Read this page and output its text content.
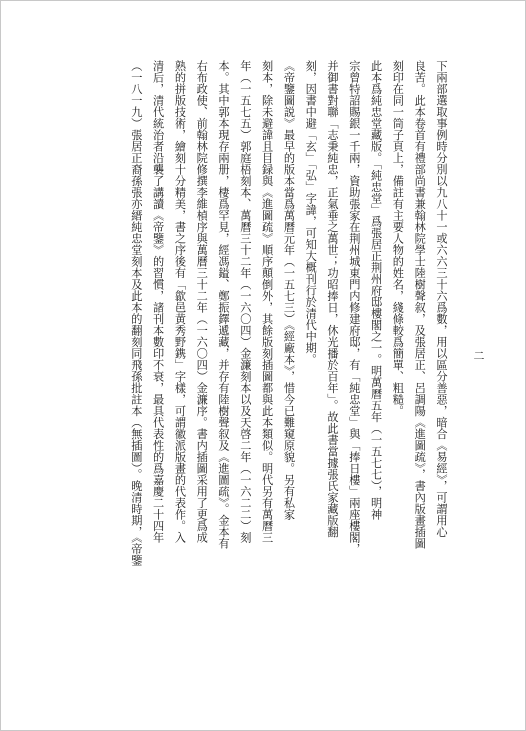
下兩部選取事例時分別以九八十一或六六三十六爲數，用以區分善惡，暗合《易經》，可謂用心

良苦。此本卷首有禮部尚書兼翰林院學士陸樹聲叙，及張居正、呂調陽《進圖疏》，書內版畫插圖

刻印在同一筒子頁上，備註有主要人物的姓名，綫條較爲簡單、粗糙。

此本爲純忠堂藏版。「純忠堂」爲張居正荆州府邸樓閣之一。明萬曆五年（一五七七），明神

宗曾特詔賜銀一千兩，資助張家在荆州城東門内修建府邸，有「純忠堂」與「捧日樓」兩座樓閣，

并御書對聯「志秉純忠，正氣垂之萬世；功昭捧日，休光播於百年」。故此書當據張氏家藏版翻

刻，因書中避「玄」「弘」字諱，可知大概刊行於清代中期。

《帝鑒圖説》最早的版本當爲萬曆元年（一五七三）《經廠本》，惜今已難窺原貌。另有私家

刻本，除未避諱且目録與《進圖疏》順序顛倒外，其餘版刻插圖都與此本類似。明代另有萬曆三

年（一五七五）郭庭梧刻本、萬曆三十二年（一六〇四）金濂刻本以及天啓二年（一六二二）刻

本。其中郭本現存兩册，棲爲罕見，經馮鎰、鄭振鐸遞藏，并存有陸樹聲叙及《進圖疏》。金本有

右布政使、前翰林院修撰李維楨序與萬曆三十二年（一六〇四）金濂序。書内插圖采用了更爲成

熟的拼版技術，繪刻十分精美，書之序後有「歙邑黄秀野鎸」字樣，可謂徽派版畫的代表作。入

清后，清代統治者沿襲了講讀《帝鑒》的習慣，諸刊本數印不衰，最具代表性的爲嘉慶二十四年

（一八一九）張居正裔孫張亦縉純忠堂刻本及此本的翻刻同飛孫批註本（無插圖）。晚清時期，《帝鑒	二
